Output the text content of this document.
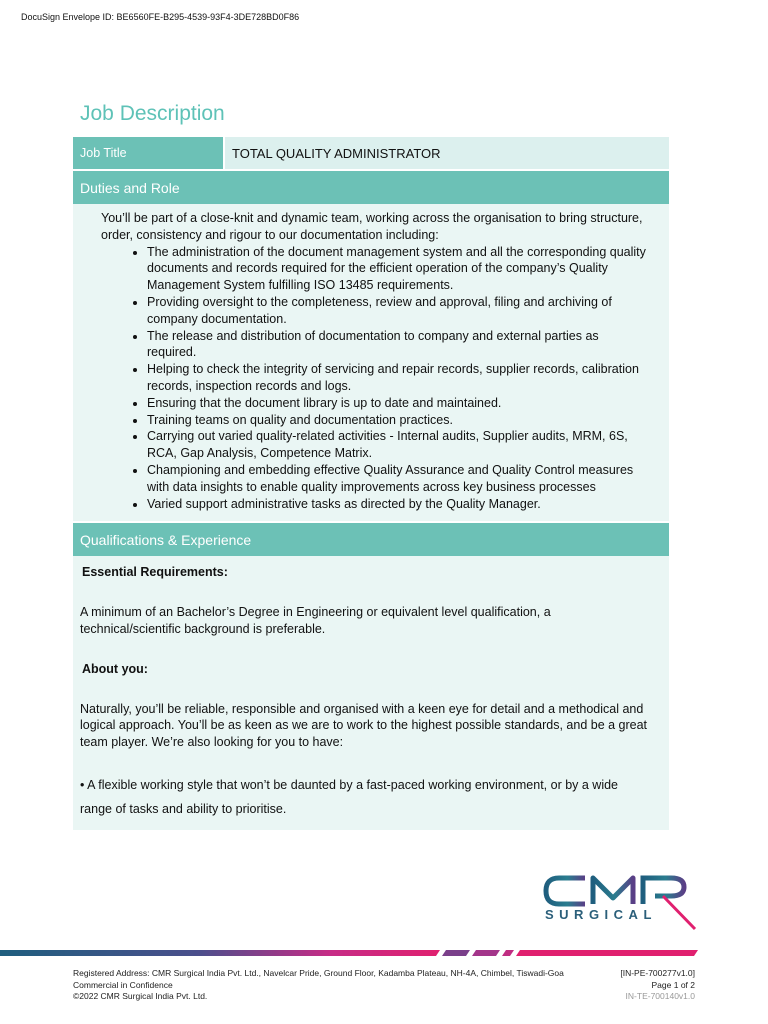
DocuSign Envelope ID: BE6560FE-B295-4539-93F4-3DE728BD0F86
Job Description
Job Title	TOTAL QUALITY ADMINISTRATOR
Duties and Role

You’ll be part of a close-knit and dynamic team, working across the organisation to bring structure, order, consistency and rigour to our documentation including:

• The administration of the document management system and all the corresponding quality documents and records required for the efficient operation of the company’s Quality Management System fulfilling ISO 13485 requirements.
• Providing oversight to the completeness, review and approval, filing and archiving of company documentation.
• The release and distribution of documentation to company and external parties as required.
• Helping to check the integrity of servicing and repair records, supplier records, calibration records, inspection records and logs.
• Ensuring that the document library is up to date and maintained.
• Training teams on quality and documentation practices.
• Carrying out varied quality-related activities - Internal audits, Supplier audits, MRM, 6S, RCA, Gap Analysis, Competence Matrix.
• Championing and embedding effective Quality Assurance and Quality Control measures with data insights to enable quality improvements across key business processes
• Varied support administrative tasks as directed by the Quality Manager.
Qualifications & Experience

Essential Requirements:

A minimum of an Bachelor’s Degree in Engineering or equivalent level qualification, a technical/scientific background is preferable.

About you:

Naturally, you’ll be reliable, responsible and organised with a keen eye for detail and a methodical and logical approach. You’ll be as keen as we are to work to the highest possible standards, and be a great team player. We’re also looking for you to have:

• A flexible working style that won’t be daunted by a fast-paced working environment, or by a wide range of tasks and ability to prioritise.

SURGICAL
Registered Address: CMR Surgical India Pvt. Ltd., Navelcar Pride, Ground Floor, Kadamba Plateau, NH-4A, Chimbel, Tiswadi-Goa	[IN-PE-700277v1.0]
Commercial in Confidence	Page 1 of 2
©2022 CMR Surgical India Pvt. Ltd.	IN-TE-700140v1.0
